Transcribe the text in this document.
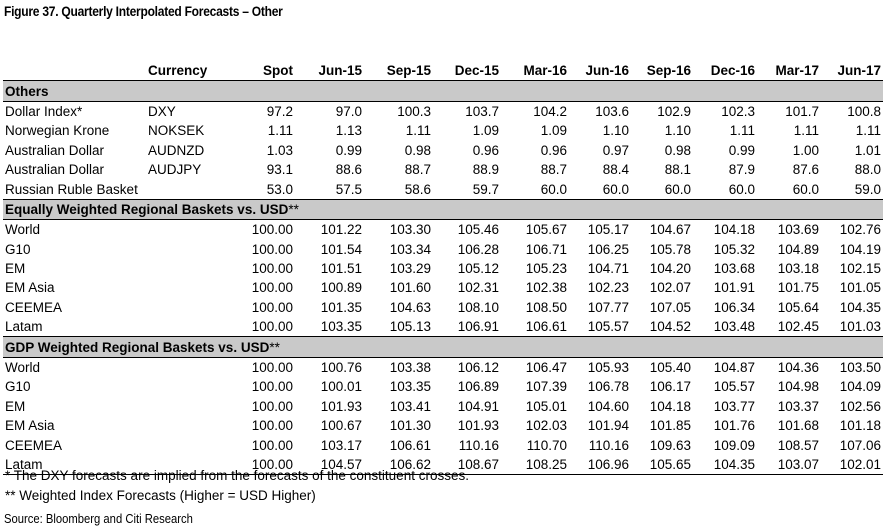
Figure 37. Quarterly Interpolated Forecasts – Other
	Currency	Spot	Jun-15	Sep-15	Dec-15	Mar-16	Jun-16	Sep-16	Dec-16	Mar-17	Jun-17
Others											
Dollar Index*	DXY	97.2	97.0	100.3	103.7	104.2	103.6	102.9	102.3	101.7	100.8
Norwegian Krone	NOKSEK	1.11	1.13	1.11	1.09	1.09	1.10	1.10	1.11	1.11	1.11
Australian Dollar	AUDNZD	1.03	0.99	0.98	0.96	0.96	0.97	0.98	0.99	1.00	1.01
Australian Dollar	AUDJPY	93.1	88.6	88.7	88.9	88.7	88.4	88.1	87.9	87.6	88.0
Russian Ruble Basket		53.0	57.5	58.6	59.7	60.0	60.0	60.0	60.0	60.0	59.0
Equally Weighted Regional Baskets vs. USD**											
World		100.00	101.22	103.30	105.46	105.67	105.17	104.67	104.18	103.69	102.76
G10		100.00	101.54	103.34	106.28	106.71	106.25	105.78	105.32	104.89	104.19
EM		100.00	101.51	103.29	105.12	105.23	104.71	104.20	103.68	103.18	102.15
EM Asia		100.00	100.89	101.60	102.31	102.38	102.23	102.07	101.91	101.75	101.05
CEEMEA		100.00	101.35	104.63	108.10	108.50	107.77	107.05	106.34	105.64	104.35
Latam		100.00	103.35	105.13	106.91	106.61	105.57	104.52	103.48	102.45	101.03
GDP Weighted Regional Baskets vs. USD**											
World		100.00	100.76	103.38	106.12	106.47	105.93	105.40	104.87	104.36	103.50
G10		100.00	100.01	103.35	106.89	107.39	106.78	106.17	105.57	104.98	104.09
EM		100.00	101.93	103.41	104.91	105.01	104.60	104.18	103.77	103.37	102.56
EM Asia		100.00	100.67	101.30	101.93	102.03	101.94	101.85	101.76	101.68	101.18
CEEMEA		100.00	103.17	106.61	110.16	110.70	110.16	109.63	109.09	108.57	107.06
Latam		100.00	104.57	106.62	108.67	108.25	106.96	105.65	104.35	103.07	102.01
* The DXY forecasts are implied from the forecasts of the constituent crosses.
** Weighted Index Forecasts (Higher = USD Higher)
Source: Bloomberg and Citi Research
